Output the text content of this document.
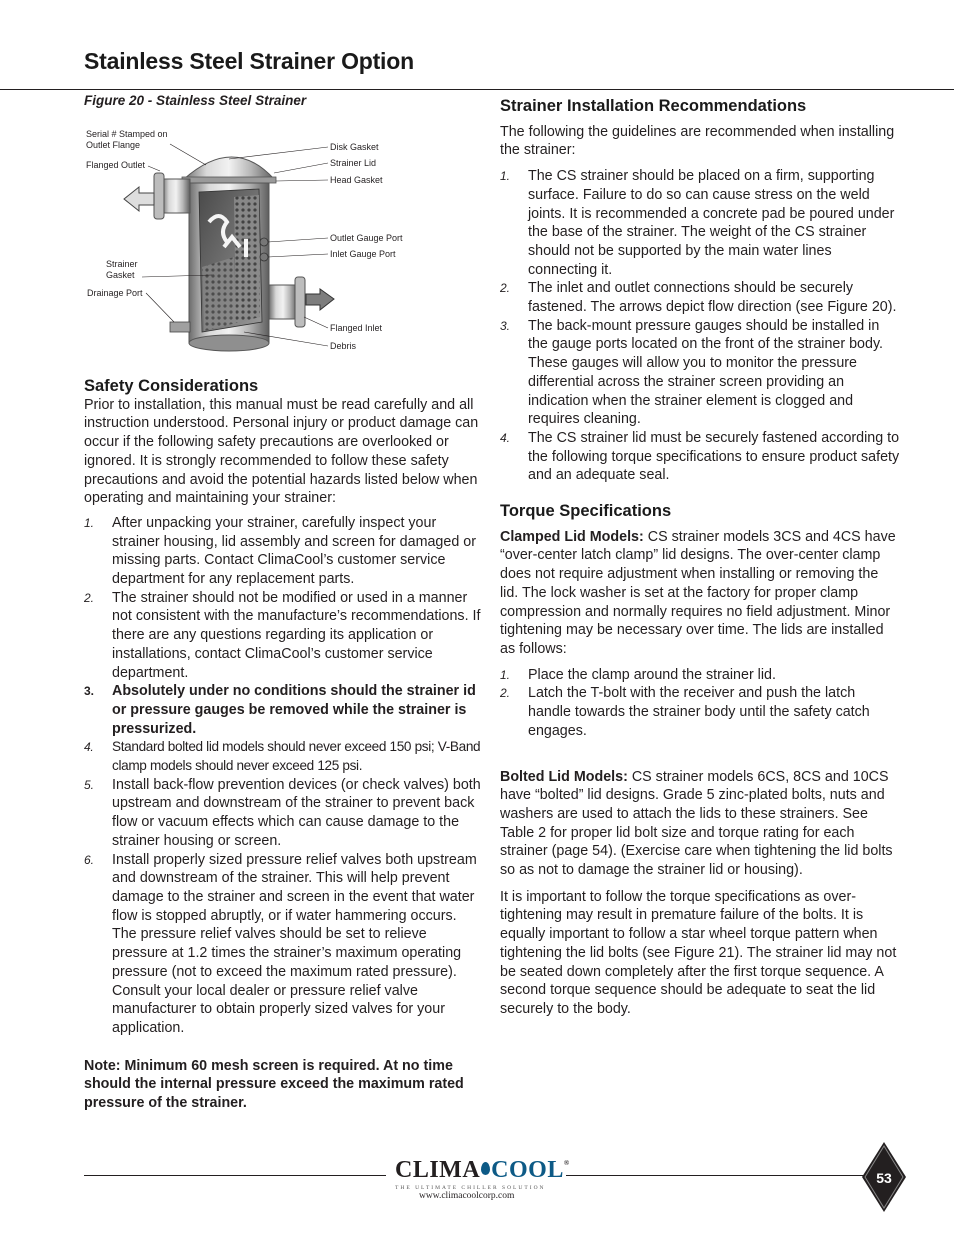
Stainless Steel Strainer Option
Figure 20 - Stainless Steel Strainer
Serial # Stamped on
Outlet Flange
Flanged Outlet
Disk Gasket
Strainer Lid
Head Gasket
Outlet Gauge Port
Inlet Gauge Port
Strainer
Gasket
Drainage Port
Flanged Inlet
Debris
Safety Considerations

Prior to installation, this manual must be read carefully and all instruction understood. Personal injury or product damage can occur if the following safety precautions are overlooked or ignored. It is strongly recommended to follow these safety precautions and avoid the potential hazards listed below when operating and maintaining your strainer:

1. After unpacking your strainer, carefully inspect your strainer housing, lid assembly and screen for damaged or missing parts. Contact ClimaCool’s customer service department for any replacement parts.
2. The strainer should not be modified or used in a manner not consistent with the manufacture’s recommendations. If there are any questions regarding its application or installations, contact ClimaCool’s customer service department.
3. Absolutely under no conditions should the strainer id or pressure gauges be removed while the strainer is pressurized.
4. Standard bolted lid models should never exceed 150 psi; V-Band clamp models should never exceed 125 psi.
5. Install back-flow prevention devices (or check valves) both upstream and downstream of the strainer to prevent back flow or vacuum effects which can cause damage to the strainer housing or screen.
6. Install properly sized pressure relief valves both upstream and downstream of the strainer. This will help prevent damage to the strainer and screen in the event that water flow is stopped abruptly, or if water hammering occurs. The pressure relief valves should be set to relieve pressure at 1.2 times the strainer’s maximum operating pressure (not to exceed the maximum rated pressure). Consult your local dealer or pressure relief valve manufacturer to obtain properly sized valves for your application.

Note: Minimum 60 mesh screen is required. At no time should the internal pressure exceed the maximum rated pressure of the strainer.

Strainer Installation Recommendations

The following the guidelines are recommended when installing the strainer:

1. The CS strainer should be placed on a firm, supporting surface. Failure to do so can cause stress on the weld joints. It is recommended a concrete pad be poured under the base of the strainer. The weight of the CS strainer should not be supported by the main water lines connecting it.
2. The inlet and outlet connections should be securely fastened. The arrows depict flow direction (see Figure 20).
3. The back-mount pressure gauges should be installed in the gauge ports located on the front of the strainer body. These gauges will allow you to monitor the pressure differential across the strainer screen providing an indication when the strainer element is clogged and requires cleaning.
4. The CS strainer lid must be securely fastened according to the following torque specifications to ensure product safety and an adequate seal.
Torque Specifications

Clamped Lid Models: CS strainer models 3CS and 4CS have “over-center latch clamp” lid designs. The over-center clamp does not require adjustment when installing or removing the lid. The lock washer is set at the factory for proper clamp compression and normally requires no field adjustment. Minor tightening may be necessary over time. The lids are installed as follows:

1. Place the clamp around the strainer lid.
2. Latch the T-bolt with the receiver and push the latch handle towards the strainer body until the safety catch engages.

Bolted Lid Models: CS strainer models 6CS, 8CS and 10CS have “bolted” lid designs. Grade 5 zinc-plated bolts, nuts and washers are used to attach the lids to these strainers. See Table 2 for proper lid bolt size and torque rating for each strainer (page 54). (Exercise care when tightening the lid bolts so as not to damage the strainer lid or housing).

It is important to follow the torque specifications as over-tightening may result in premature failure of the bolts. It is equally important to follow a star wheel torque pattern when tightening the lid bolts (see Figure 21). The strainer lid may not be seated down completely after the first torque sequence. A second torque sequence should be adequate to seat the lid securely to the body.

CLIMA COOL®
THE ULTIMATE CHILLER SOLUTION
www.climacoolcorp.com
53
